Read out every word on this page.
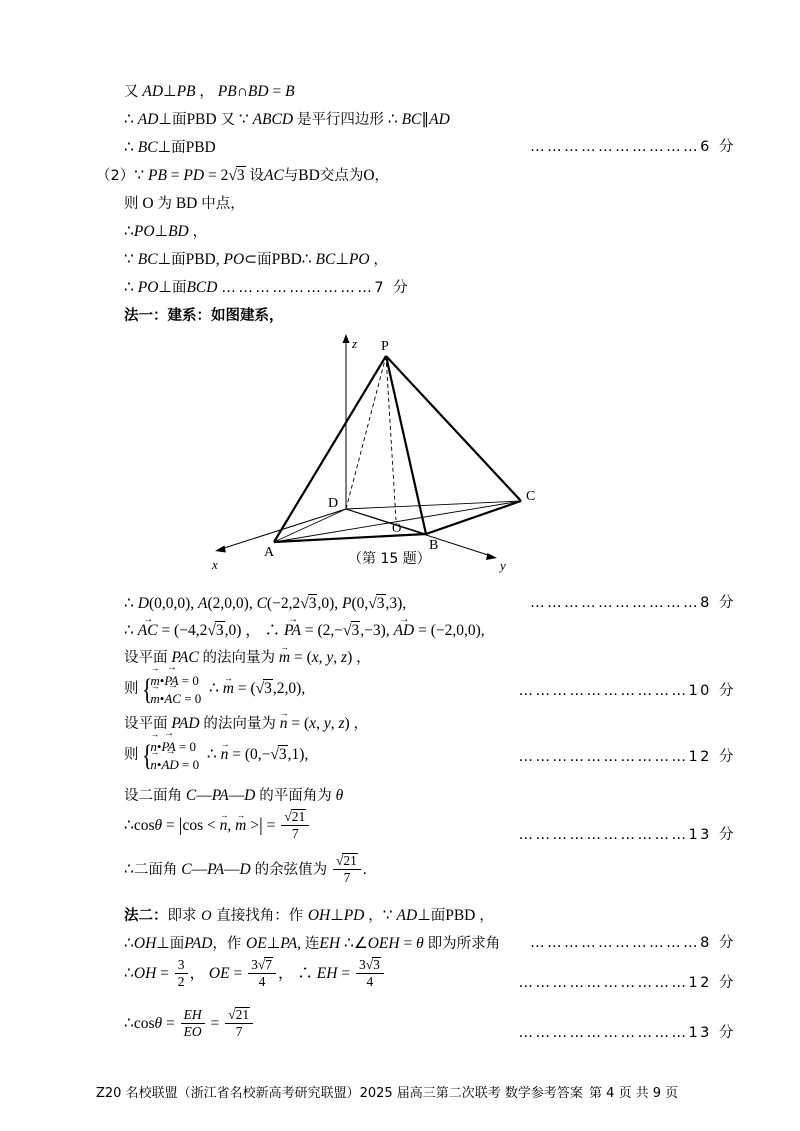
又 AD⊥PB ， PB∩BD = B
∴ AD⊥面PBD 又 ∵ ABCD 是平行四边形 ∴ BC∥AD
∴ BC⊥面PBD	…………………………6 分
（2）∵ PB = PD = 2√3 设AC与BD交点为O，
则 O 为 BD 中点，
∴PO⊥BD ，
∵ BC⊥面PBD, PO⊂面PBD∴ BC⊥PO ，
∴ PO⊥面BCD ………………………7 分
法一：建系：如图建系，
z
x	y
P
D	C
A	B
O
（第 15 题）
∴ D(0,0,0), A(2,0,0), C(−2,2√3,0), P(0,√3,3),	…………………………8 分
∴ AC → = (−4,2√3,0) ， ∴ PA → = (2,−√3,−3), AD → = (−2,0,0),
设平面 PAC 的法向量为 m → = (x, y, z) ，
则
{ m →•PA → = 0
m →•AC → = 0
∴ m → = (√3,2,0),	…………………………10 分
设平面 PAD 的法向量为 n → = (x, y, z) ，
则
{ n →•PA → = 0
n →•AD → = 0
∴ n → = (0,−√3,1),	…………………………12 分
设二面角 C—PA—D 的平面角为 θ
∴cosθ = |cos < n →, m → >| = $\frac{√21}{7}$	…………………………13 分
∴二面角 C—PA—D 的余弦值为 $\frac{√21}{7}$ .
法二：即求 O 直接找角：作 OH⊥PD ，∵ AD⊥面PBD ，
∴OH⊥面PAD，作 OE⊥PA, 连EH ∴∠OEH = θ 即为所求角 …………………………8 分
∴OH = $\frac{3}{2}$ ， OE = $\frac{3√7}{4}$ ， ∴ EH = $\frac{3√3}{4}$	…………………………12 分
∴cosθ = $\frac{EH}{EO} = \frac{√21}{7}$	…………………………13 分
Z20 名校联盟（浙江省名校新高考研究联盟）2025 届高三第二次联考 数学参考答案 第 4 页 共 9 页
